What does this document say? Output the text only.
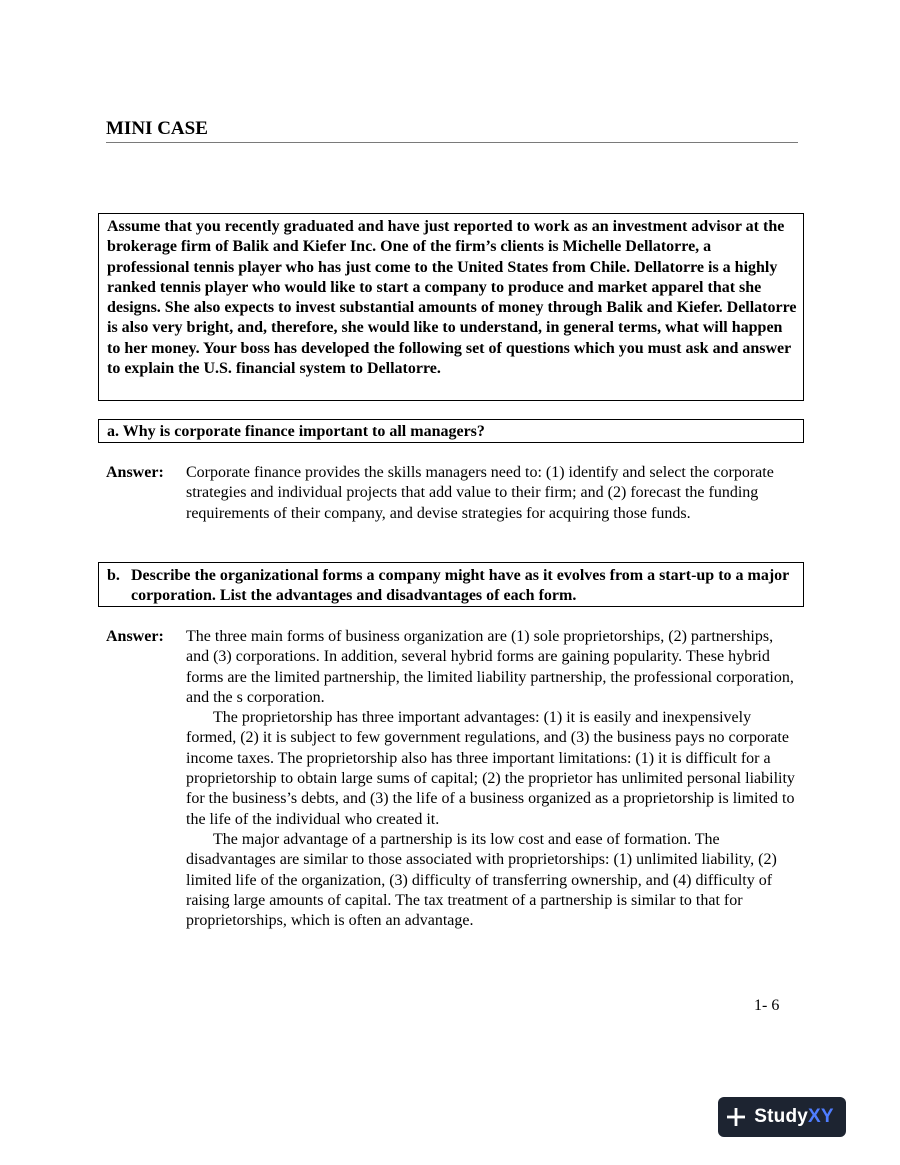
MINI CASE
Assume that you recently graduated and have just reported to work as an investment advisor at the brokerage firm of Balik and Kiefer Inc. One of the firm’s clients is Michelle Dellatorre, a professional tennis player who has just come to the United States from Chile. Dellatorre is a highly ranked tennis player who would like to start a company to produce and market apparel that she designs. She also expects to invest substantial amounts of money through Balik and Kiefer. Dellatorre is also very bright, and, therefore, she would like to understand, in general terms, what will happen to her money. Your boss has developed the following set of questions which you must ask and answer to explain the U.S. financial system to Dellatorre.
a. Why is corporate finance important to all managers?
Answer:	Corporate finance provides the skills managers need to: (1) identify and select the corporate strategies and individual projects that add value to their firm; and (2) forecast the funding requirements of their company, and devise strategies for acquiring those funds.

b. Describe the organizational forms a company might have as it evolves from a start-up to a major corporation. List the advantages and disadvantages of each form.
Answer:	The three main forms of business organization are (1) sole proprietorships, (2) partnerships, and (3) corporations. In addition, several hybrid forms are gaining popularity. These hybrid forms are the limited partnership, the limited liability partnership, the professional corporation, and the s corporation.

The proprietorship has three important advantages: (1) it is easily and inexpensively formed, (2) it is subject to few government regulations, and (3) the business pays no corporate income taxes. The proprietorship also has three important limitations: (1) it is difficult for a proprietorship to obtain large sums of capital; (2) the proprietor has unlimited personal liability for the business’s debts, and (3) the life of a business organized as a proprietorship is limited to the life of the individual who created it.

The major advantage of a partnership is its low cost and ease of formation. The disadvantages are similar to those associated with proprietorships: (1) unlimited liability, (2) limited life of the organization, (3) difficulty of transferring ownership, and (4) difficulty of raising large amounts of capital. The tax treatment of a partnership is similar to that for proprietorships, which is often an advantage.

1- 6
StudyXY
